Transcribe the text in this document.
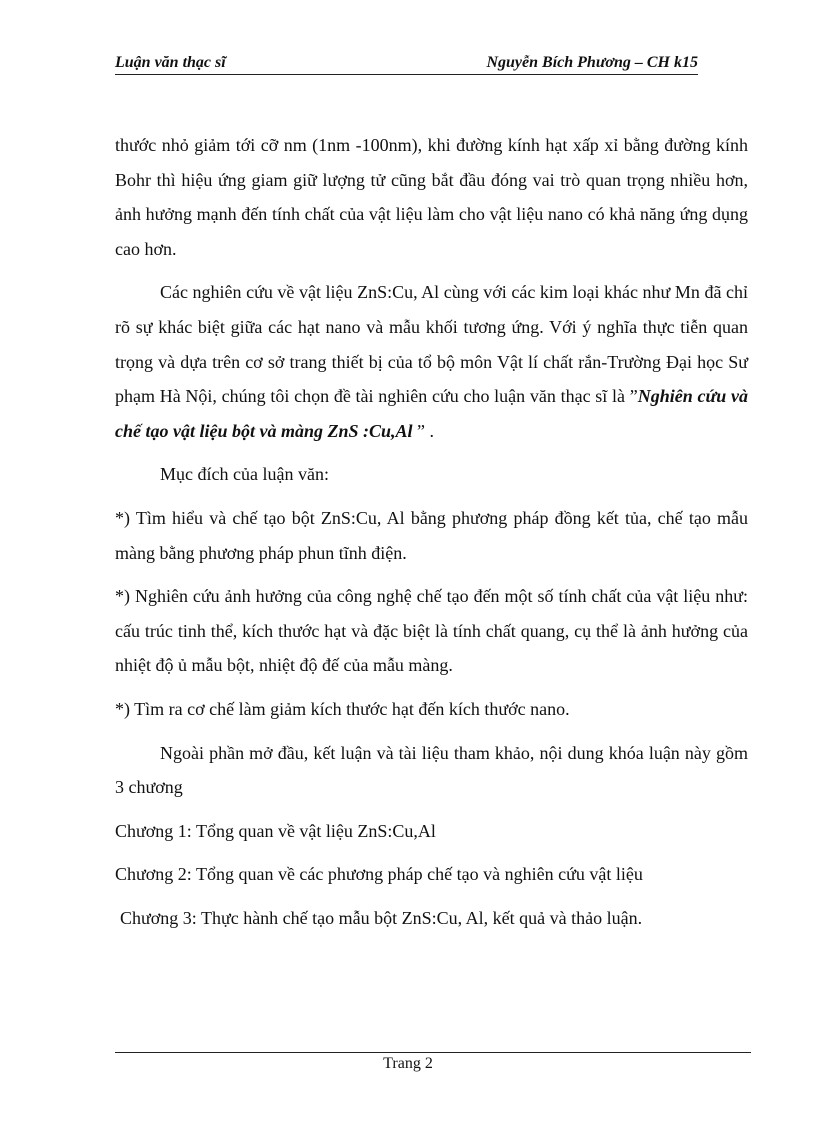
Luận văn thạc sĩ	Nguyễn Bích Phương – CH k15

thước nhỏ giảm tới cỡ nm (1nm -100nm), khi đường kính hạt xấp xỉ bằng đường kính Bohr thì hiệu ứng giam giữ lượng tử cũng bắt đầu đóng vai trò quan trọng nhiều hơn, ảnh hưởng mạnh đến tính chất của vật liệu làm cho vật liệu nano có khả năng ứng dụng cao hơn.

Các nghiên cứu về vật liệu ZnS:Cu, Al cùng với các kim loại khác như Mn đã chỉ rõ sự khác biệt giữa các hạt nano và mẫu khối tương ứng. Với ý nghĩa thực tiễn quan trọng và dựa trên cơ sở trang thiết bị của tổ bộ môn Vật lí chất rắn-Trường Đại học Sư phạm Hà Nội, chúng tôi chọn đề tài nghiên cứu cho luận văn thạc sĩ là ”Nghiên cứu và chế tạo vật liệu bột và màng ZnS :Cu,Al ” .

Mục đích của luận văn:

*) Tìm hiểu và chế tạo bột ZnS:Cu, Al bằng phương pháp đồng kết tủa, chế tạo mẫu màng bằng phương pháp phun tĩnh điện.

*) Nghiên cứu ảnh hưởng của công nghệ chế tạo đến một số tính chất của vật liệu như: cấu trúc tinh thể, kích thước hạt và đặc biệt là tính chất quang, cụ thể là ảnh hưởng của nhiệt độ ủ mẫu bột, nhiệt độ đế của mẫu màng.

*) Tìm ra cơ chế làm giảm kích thước hạt đến kích thước nano.

Ngoài phần mở đầu, kết luận và tài liệu tham khảo, nội dung khóa luận này gồm 3 chương

Chương 1: Tổng quan về vật liệu ZnS:Cu,Al

Chương 2: Tổng quan về các phương pháp chế tạo và nghiên cứu vật liệu

Chương 3: Thực hành chế tạo mẫu bột ZnS:Cu, Al, kết quả và thảo luận.

Trang 2
